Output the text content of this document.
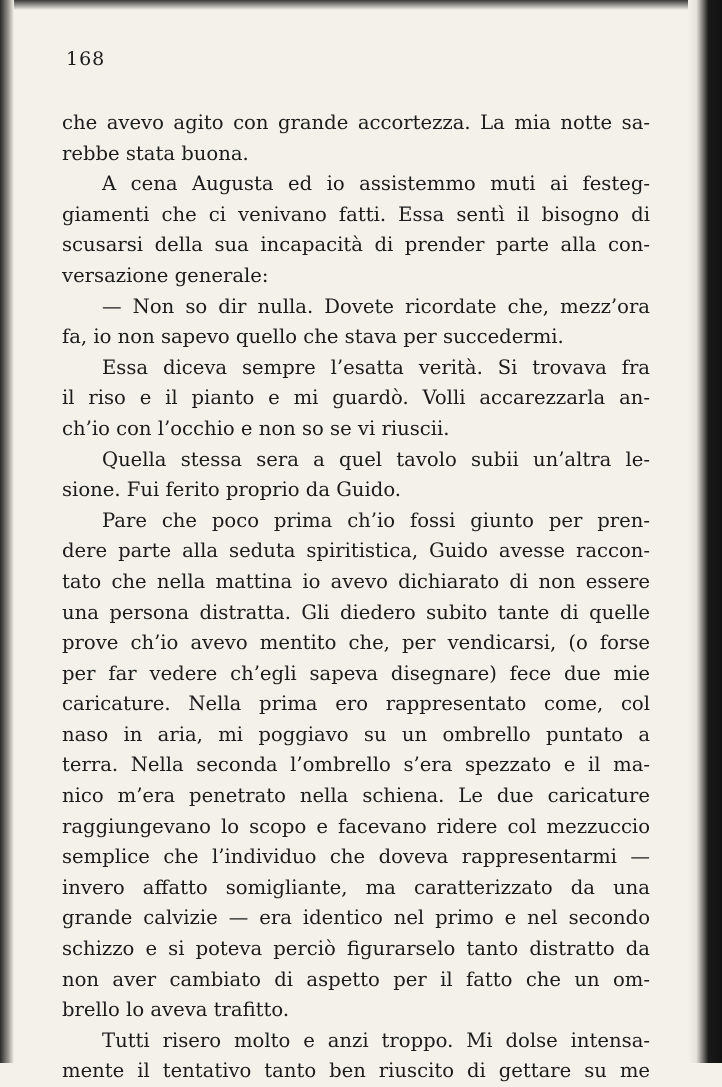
168
che avevo agito con grande accortezza. La mia notte sa-
rebbe stata buona.
A cena Augusta ed io assistemmo muti ai festeg-
giamenti che ci venivano fatti. Essa sentì il bisogno di
scusarsi della sua incapacità di prender parte alla con-
versazione generale:
— Non so dir nulla. Dovete ricordate che, mezz’ora
fa, io non sapevo quello che stava per succedermi.
Essa diceva sempre l’esatta verità. Si trovava fra
il riso e il pianto e mi guardò. Volli accarezzarla an-
ch’io con l’occhio e non so se vi riuscii.
Quella stessa sera a quel tavolo subii un’altra le-
sione. Fui ferito proprio da Guido.
Pare che poco prima ch’io fossi giunto per pren-
dere parte alla seduta spiritistica, Guido avesse raccon-
tato che nella mattina io avevo dichiarato di non essere
una persona distratta. Gli diedero subito tante di quelle
prove ch’io avevo mentito che, per vendicarsi, (o forse
per far vedere ch’egli sapeva disegnare) fece due mie
caricature. Nella prima ero rappresentato come, col
naso in aria, mi poggiavo su un ombrello puntato a
terra. Nella seconda l’ombrello s’era spezzato e il ma-
nico m’era penetrato nella schiena. Le due caricature
raggiungevano lo scopo e facevano ridere col mezzuccio
semplice che l’individuo che doveva rappresentarmi —
invero affatto somigliante, ma caratterizzato da una
grande calvizie — era identico nel primo e nel secondo
schizzo e si poteva perciò figurarselo tanto distratto da
non aver cambiato di aspetto per il fatto che un om-
brello lo aveva trafitto.
Tutti risero molto e anzi troppo. Mi dolse intensa-
mente il tentativo tanto ben riuscito di gettare su me
